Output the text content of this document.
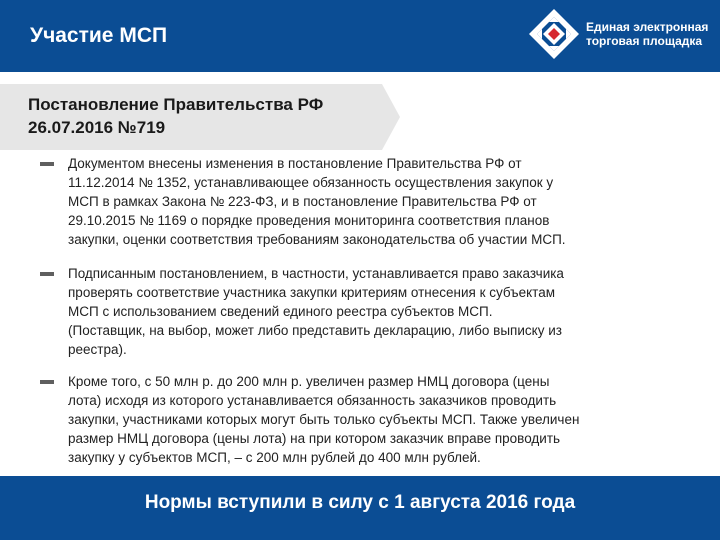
Участие МСП	Единая электронная
торговая площадка
Постановление Правительства РФ
26.07.2016 №719
Документом внесены изменения в постановление Правительства РФ от
11.12.2014 № 1352, устанавливающее обязанность осуществления закупок у
МСП в рамках Закона № 223-ФЗ, и в постановление Правительства РФ от
29.10.2015 № 1169 о порядке проведения мониторинга соответствия планов
закупки, оценки соответствия требованиям законодательства об участии МСП.
Подписанным постановлением, в частности, устанавливается право заказчика
проверять соответствие участника закупки критериям отнесения к субъектам
МСП с использованием сведений единого реестра субъектов МСП.
(Поставщик, на выбор, может либо представить декларацию, либо выписку из
реестра).
Кроме того, с 50 млн р. до 200 млн р. увеличен размер НМЦ договора (цены
лота) исходя из которого устанавливается обязанность заказчиков проводить
закупки, участниками которых могут быть только субъекты МСП. Также увеличен
размер НМЦ договора (цены лота) на при котором заказчик вправе проводить
закупку у субъектов МСП, – с 200 млн рублей до 400 млн рублей.
Нормы вступили в силу с 1 августа 2016 года
